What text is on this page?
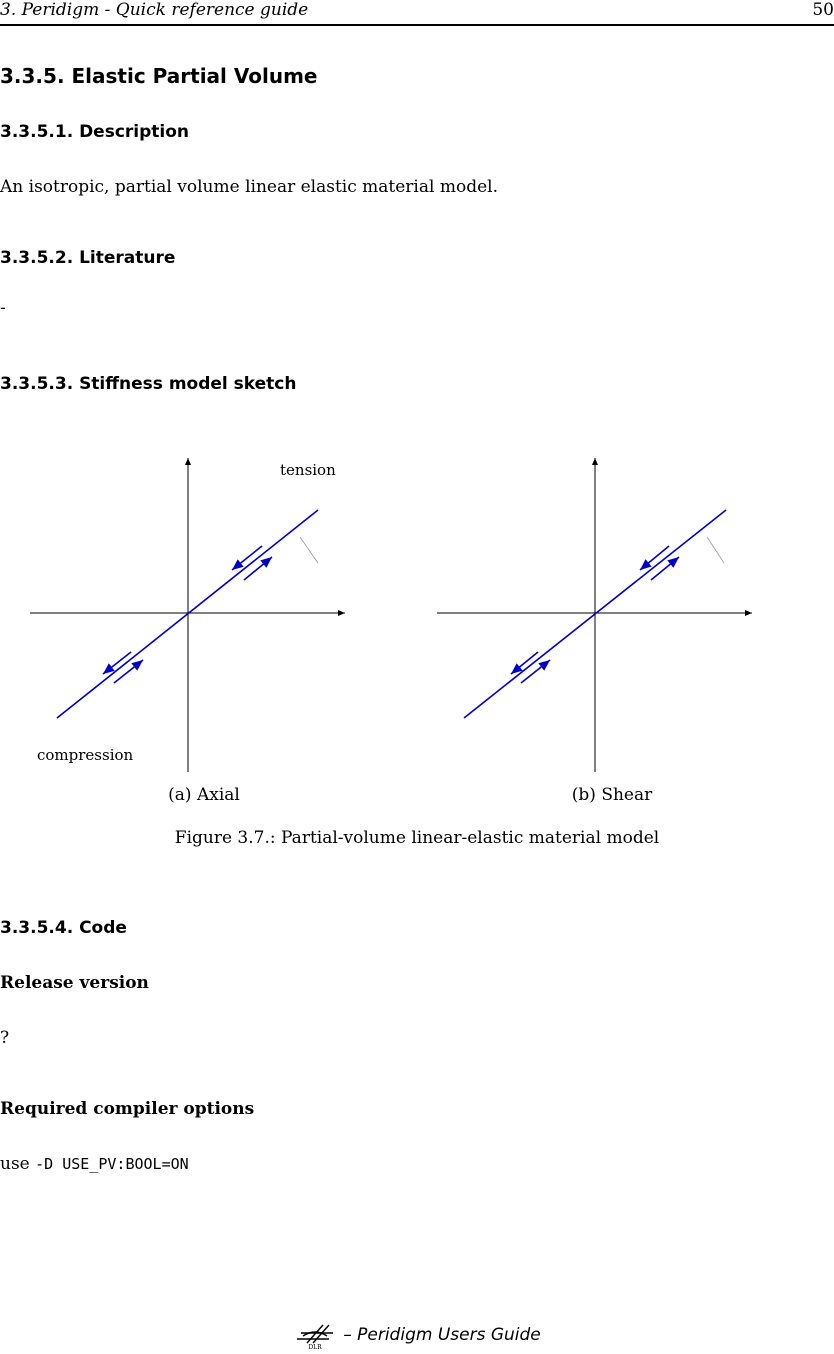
3. Peridigm - Quick reference guide	50
3.3.5. Elastic Partial Volume
3.3.5.1. Description
An isotropic, partial volume linear elastic material model.
3.3.5.2. Literature
-
3.3.5.3. Stiffness model sketch
tension
compression
(a) Axial	(b) Shear
Figure 3.7.: Partial-volume linear-elastic material model
3.3.5.4. Code
Release version
?
Required compiler options
use -D USE_PV:BOOL=ON
DLR
– Peridigm Users Guide
